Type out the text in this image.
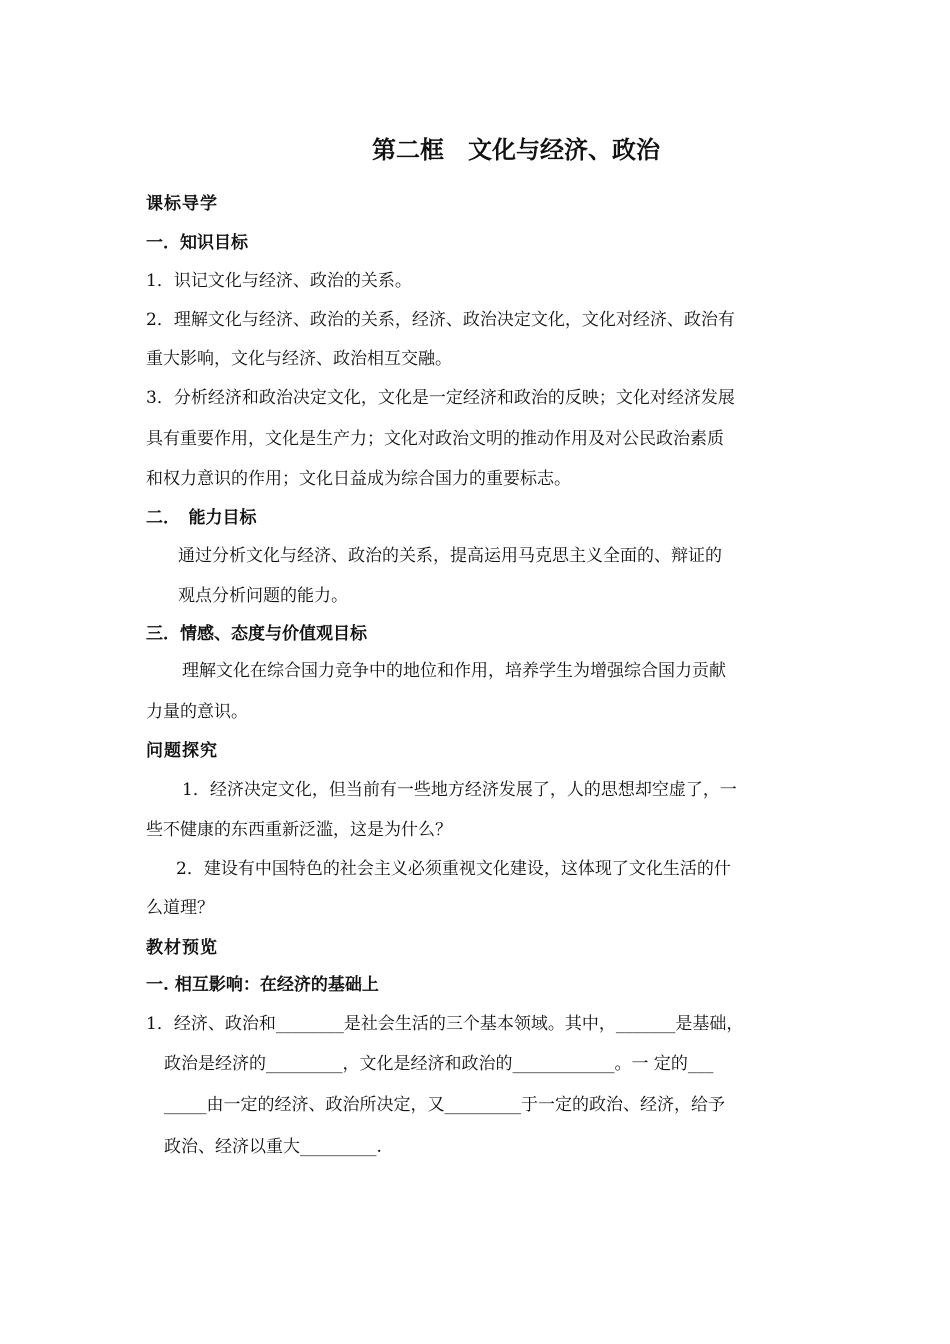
第二框　文化与经济、政治
课标导学
一．知识目标
1．识记文化与经济、政治的关系。
2．理解文化与经济、政治的关系，经济、政治决定文化，文化对经济、政治有
重大影响，文化与经济、政治相互交融。
3．分析经济和政治决定文化，文化是一定经济和政治的反映；文化对经济发展
具有重要作用，文化是生产力；文化对政治文明的推动作用及对公民政治素质
和权力意识的作用；文化日益成为综合国力的重要标志。
二．　能力目标
通过分析文化与经济、政治的关系，提高运用马克思主义全面的、辩证的
观点分析问题的能力。
三．情感、态度与价值观目标
理解文化在综合国力竞争中的地位和作用，培养学生为增强综合国力贡献
力量的意识。
问题探究
1．经济决定文化，但当前有一些地方经济发展了，人的思想却空虚了，一
些不健康的东西重新泛滥，这是为什么？
2．建设有中国特色的社会主义必须重视文化建设，这体现了文化生活的什
么道理？
教材预览
一. 相互影响：在经济的基础上
1．经济、政治和________是社会生活的三个基本领域。其中，_______是基础，
政治是经济的_________，文化是经济和政治的____________。一 定的___
_____由一定的经济、政治所决定，又_________于一定的政治、经济，给予
政治、经济以重大_________.
